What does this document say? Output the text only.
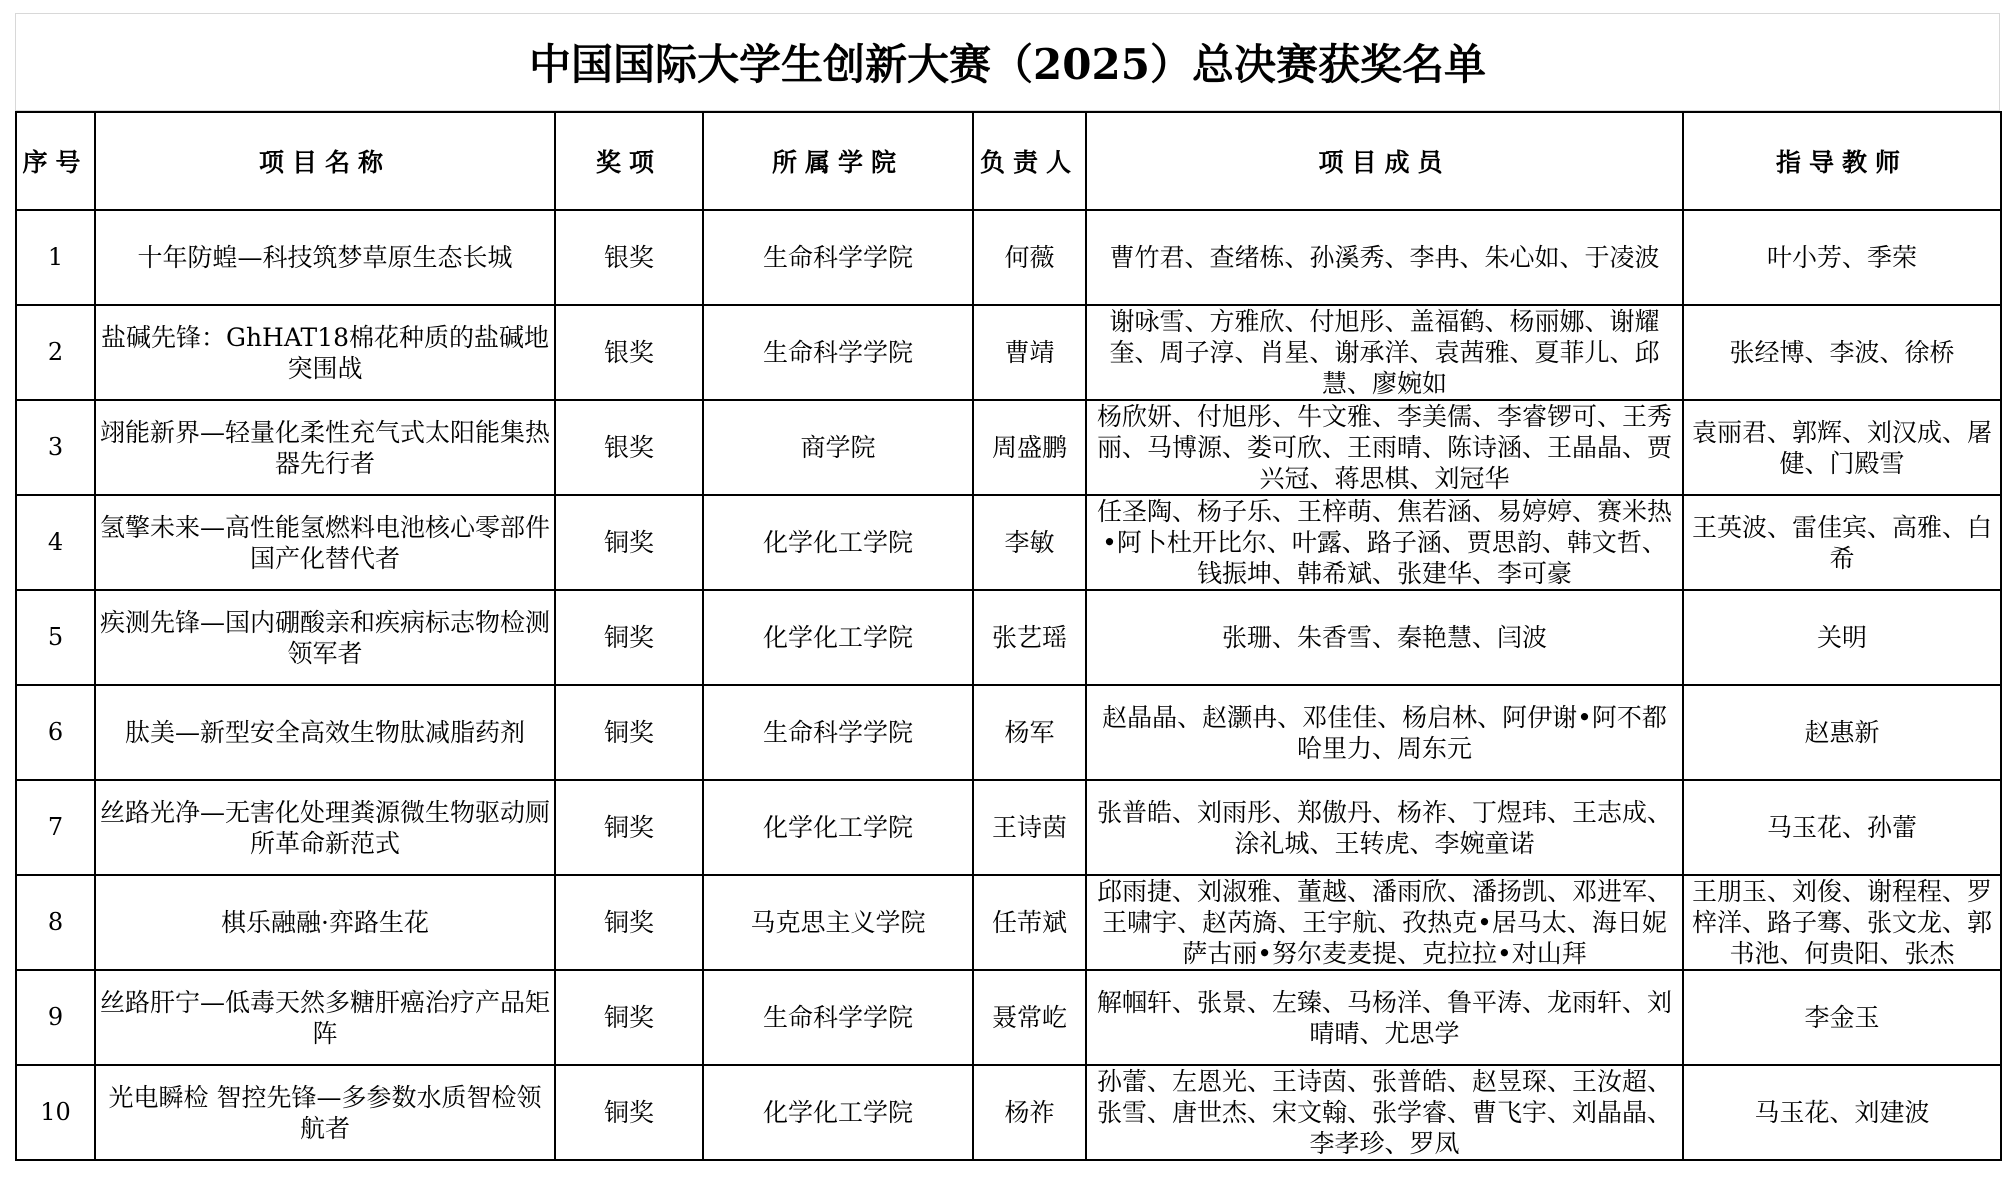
中国国际大学生创新大赛（2025）总决赛获奖名单
序号	项目名称	奖项	所属学院	负责人	项目成员	指导教师
1	十年防蝗—科技筑梦草原生态长城	银奖	生命科学学院	何薇	曹竹君、查绪栋、孙溪秀、李冉、朱心如、于凌波	叶小芳、季荣
2	盐碱先锋：GhHAT18棉花种质的盐碱地突围战	银奖	生命科学学院	曹靖	谢咏雪、方雅欣、付旭彤、盖福鹤、杨丽娜、谢耀奎、周子淳、肖星、谢承洋、袁茜雅、夏菲儿、邱慧、廖婉如	张经博、李波、徐桥
3	翊能新界—轻量化柔性充气式太阳能集热器先行者	银奖	商学院	周盛鹏	杨欣妍、付旭彤、牛文雅、李美儒、李睿锣可、王秀丽、马博源、娄可欣、王雨晴、陈诗涵、王晶晶、贾兴冠、蒋思棋、刘冠华	袁丽君、郭辉、刘汉成、屠健、门殿雪
4	氢擎未来—高性能氢燃料电池核心零部件国产化替代者	铜奖	化学化工学院	李敏	任圣陶、杨子乐、王梓萌、焦若涵、易婷婷、赛米热•阿卜杜开比尔、叶露、路子涵、贾思韵、韩文哲、钱振坤、韩希斌、张建华、李可豪	王英波、雷佳宾、高雅、白希
5	疾测先锋—国内硼酸亲和疾病标志物检测领军者	铜奖	化学化工学院	张艺瑶	张珊、朱香雪、秦艳慧、闫波	关明
6	肽美—新型安全高效生物肽减脂药剂	铜奖	生命科学学院	杨军	赵晶晶、赵灏冉、邓佳佳、杨启林、阿伊谢•阿不都哈里力、周东元	赵惠新
7	丝路光净—无害化处理粪源微生物驱动厕所革命新范式	铜奖	化学化工学院	王诗茵	张普皓、刘雨彤、郑傲丹、杨祚、丁煜玮、王志成、涂礼城、王转虎、李婉童诺	马玉花、孙蕾
8	棋乐融融·弈路生花	铜奖	马克思主义学院	任芾斌	邱雨捷、刘淑雅、董越、潘雨欣、潘扬凯、邓进军、王啸宇、赵芮旖、王宇航、孜热克•居马太、海日妮萨古丽•努尔麦麦提、克拉拉•对山拜	王朋玉、刘俊、谢程程、罗梓洋、路子骞、张文龙、郭书池、何贵阳、张杰
9	丝路肝宁—低毒天然多糖肝癌治疗产品矩阵	铜奖	生命科学学院	聂常屹	解帼轩、张景、左臻、马杨洋、鲁平涛、龙雨轩、刘晴晴、尤思学	李金玉
10	光电瞬检 智控先锋—多参数水质智检领航者	铜奖	化学化工学院	杨祚	孙蕾、左恩光、王诗茵、张普皓、赵昱琛、王汝超、张雪、唐世杰、宋文翰、张学睿、曹飞宇、刘晶晶、李孝珍、罗凤	马玉花、刘建波
